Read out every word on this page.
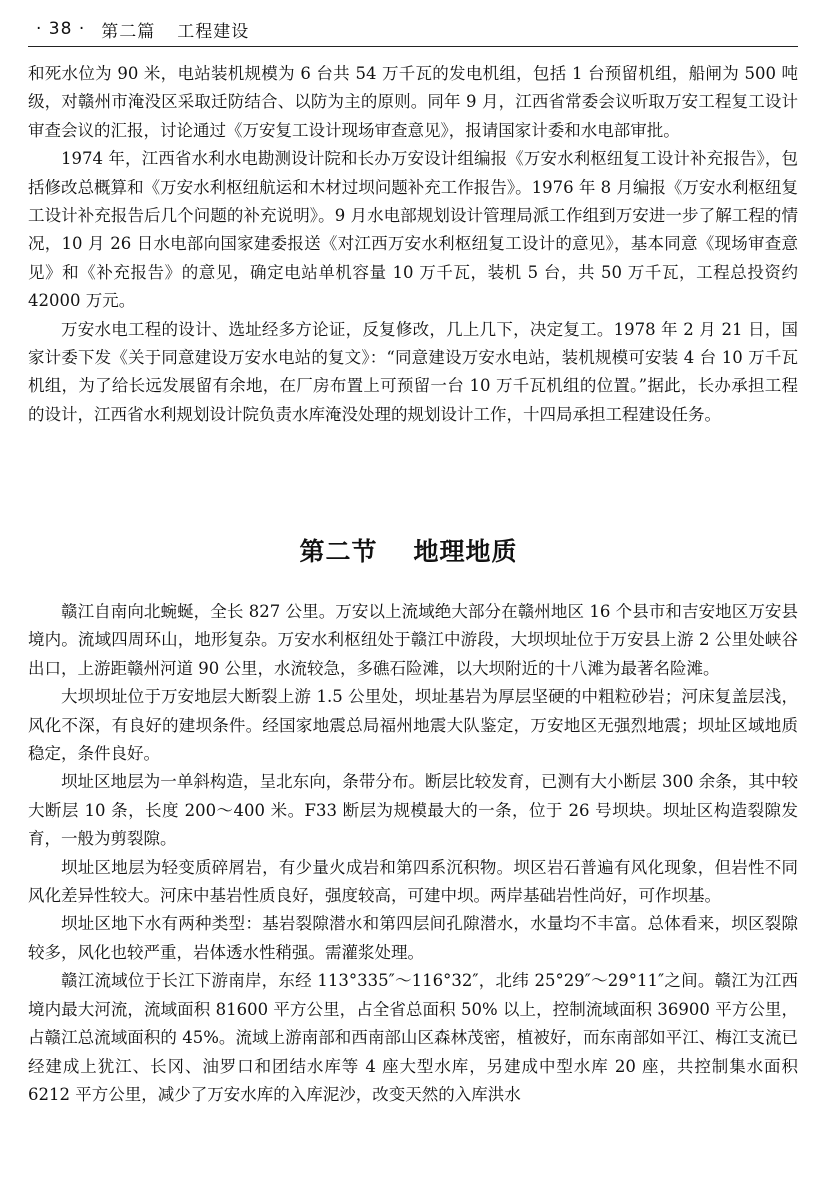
· 38 · 第二篇 工程建设

和死水位为 90 米，电站装机规模为 6 台共 54 万千瓦的发电机组，包括 1 台预留机组，船闸为 500 吨级，对赣州市淹没区采取迁防结合、以防为主的原则。同年 9 月，江西省常委会议听取万安工程复工设计审查会议的汇报，讨论通过《万安复工设计现场审查意见》，报请国家计委和水电部审批。

1974 年，江西省水利水电勘测设计院和长办万安设计组编报《万安水利枢纽复工设计补充报告》，包括修改总概算和《万安水利枢纽航运和木材过坝问题补充工作报告》。1976 年 8 月编报《万安水利枢纽复工设计补充报告后几个问题的补充说明》。9 月水电部规划设计管理局派工作组到万安进一步了解工程的情况，10 月 26 日水电部向国家建委报送《对江西万安水利枢纽复工设计的意见》，基本同意《现场审查意见》和《补充报告》的意见，确定电站单机容量 10 万千瓦，装机 5 台，共 50 万千瓦，工程总投资约 42000 万元。

万安水电工程的设计、选址经多方论证，反复修改，几上几下，决定复工。1978 年 2 月 21 日，国家计委下发《关于同意建设万安水电站的复文》：“同意建设万安水电站，装机规模可安装 4 台 10 万千瓦机组，为了给长远发展留有余地，在厂房布置上可预留一台 10 万千瓦机组的位置。”据此，长办承担工程的设计，江西省水利规划设计院负责水库淹没处理的规划设计工作，十四局承担工程建设任务。

第二节 地理地质

赣江自南向北蜿蜒，全长 827 公里。万安以上流域绝大部分在赣州地区 16 个县市和吉安地区万安县境内。流域四周环山，地形复杂。万安水利枢纽处于赣江中游段，大坝坝址位于万安县上游 2 公里处峡谷出口，上游距赣州河道 90 公里，水流较急，多礁石险滩，以大坝附近的十八滩为最著名险滩。

大坝坝址位于万安地层大断裂上游 1.5 公里处，坝址基岩为厚层坚硬的中粗粒砂岩；河床复盖层浅，风化不深，有良好的建坝条件。经国家地震总局福州地震大队鉴定，万安地区无强烈地震；坝址区域地质稳定，条件良好。

坝址区地层为一单斜构造，呈北东向，条带分布。断层比较发育，已测有大小断层 300 余条，其中较大断层 10 条，长度 200～400 米。F33 断层为规模最大的一条，位于 26 号坝块。坝址区构造裂隙发育，一般为剪裂隙。

坝址区地层为轻变质碎屑岩，有少量火成岩和第四系沉积物。坝区岩石普遍有风化现象，但岩性不同风化差异性较大。河床中基岩性质良好，强度较高，可建中坝。两岸基础岩性尚好，可作坝基。

坝址区地下水有两种类型：基岩裂隙潜水和第四层间孔隙潜水，水量均不丰富。总体看来，坝区裂隙较多，风化也较严重，岩体透水性稍强。需灌浆处理。

赣江流域位于长江下游南岸，东经 113°335″～116°32″，北纬 25°29″～29°11″之间。赣江为江西境内最大河流，流域面积 81600 平方公里，占全省总面积 50% 以上，控制流域面积 36900 平方公里，占赣江总流域面积的 45%。流域上游南部和西南部山区森林茂密，植被好，而东南部如平江、梅江支流已经建成上犹江、长冈、油罗口和团结水库等 4 座大型水库，另建成中型水库 20 座，共控制集水面积 6212 平方公里，减少了万安水库的入库泥沙，改变天然的入库洪水
